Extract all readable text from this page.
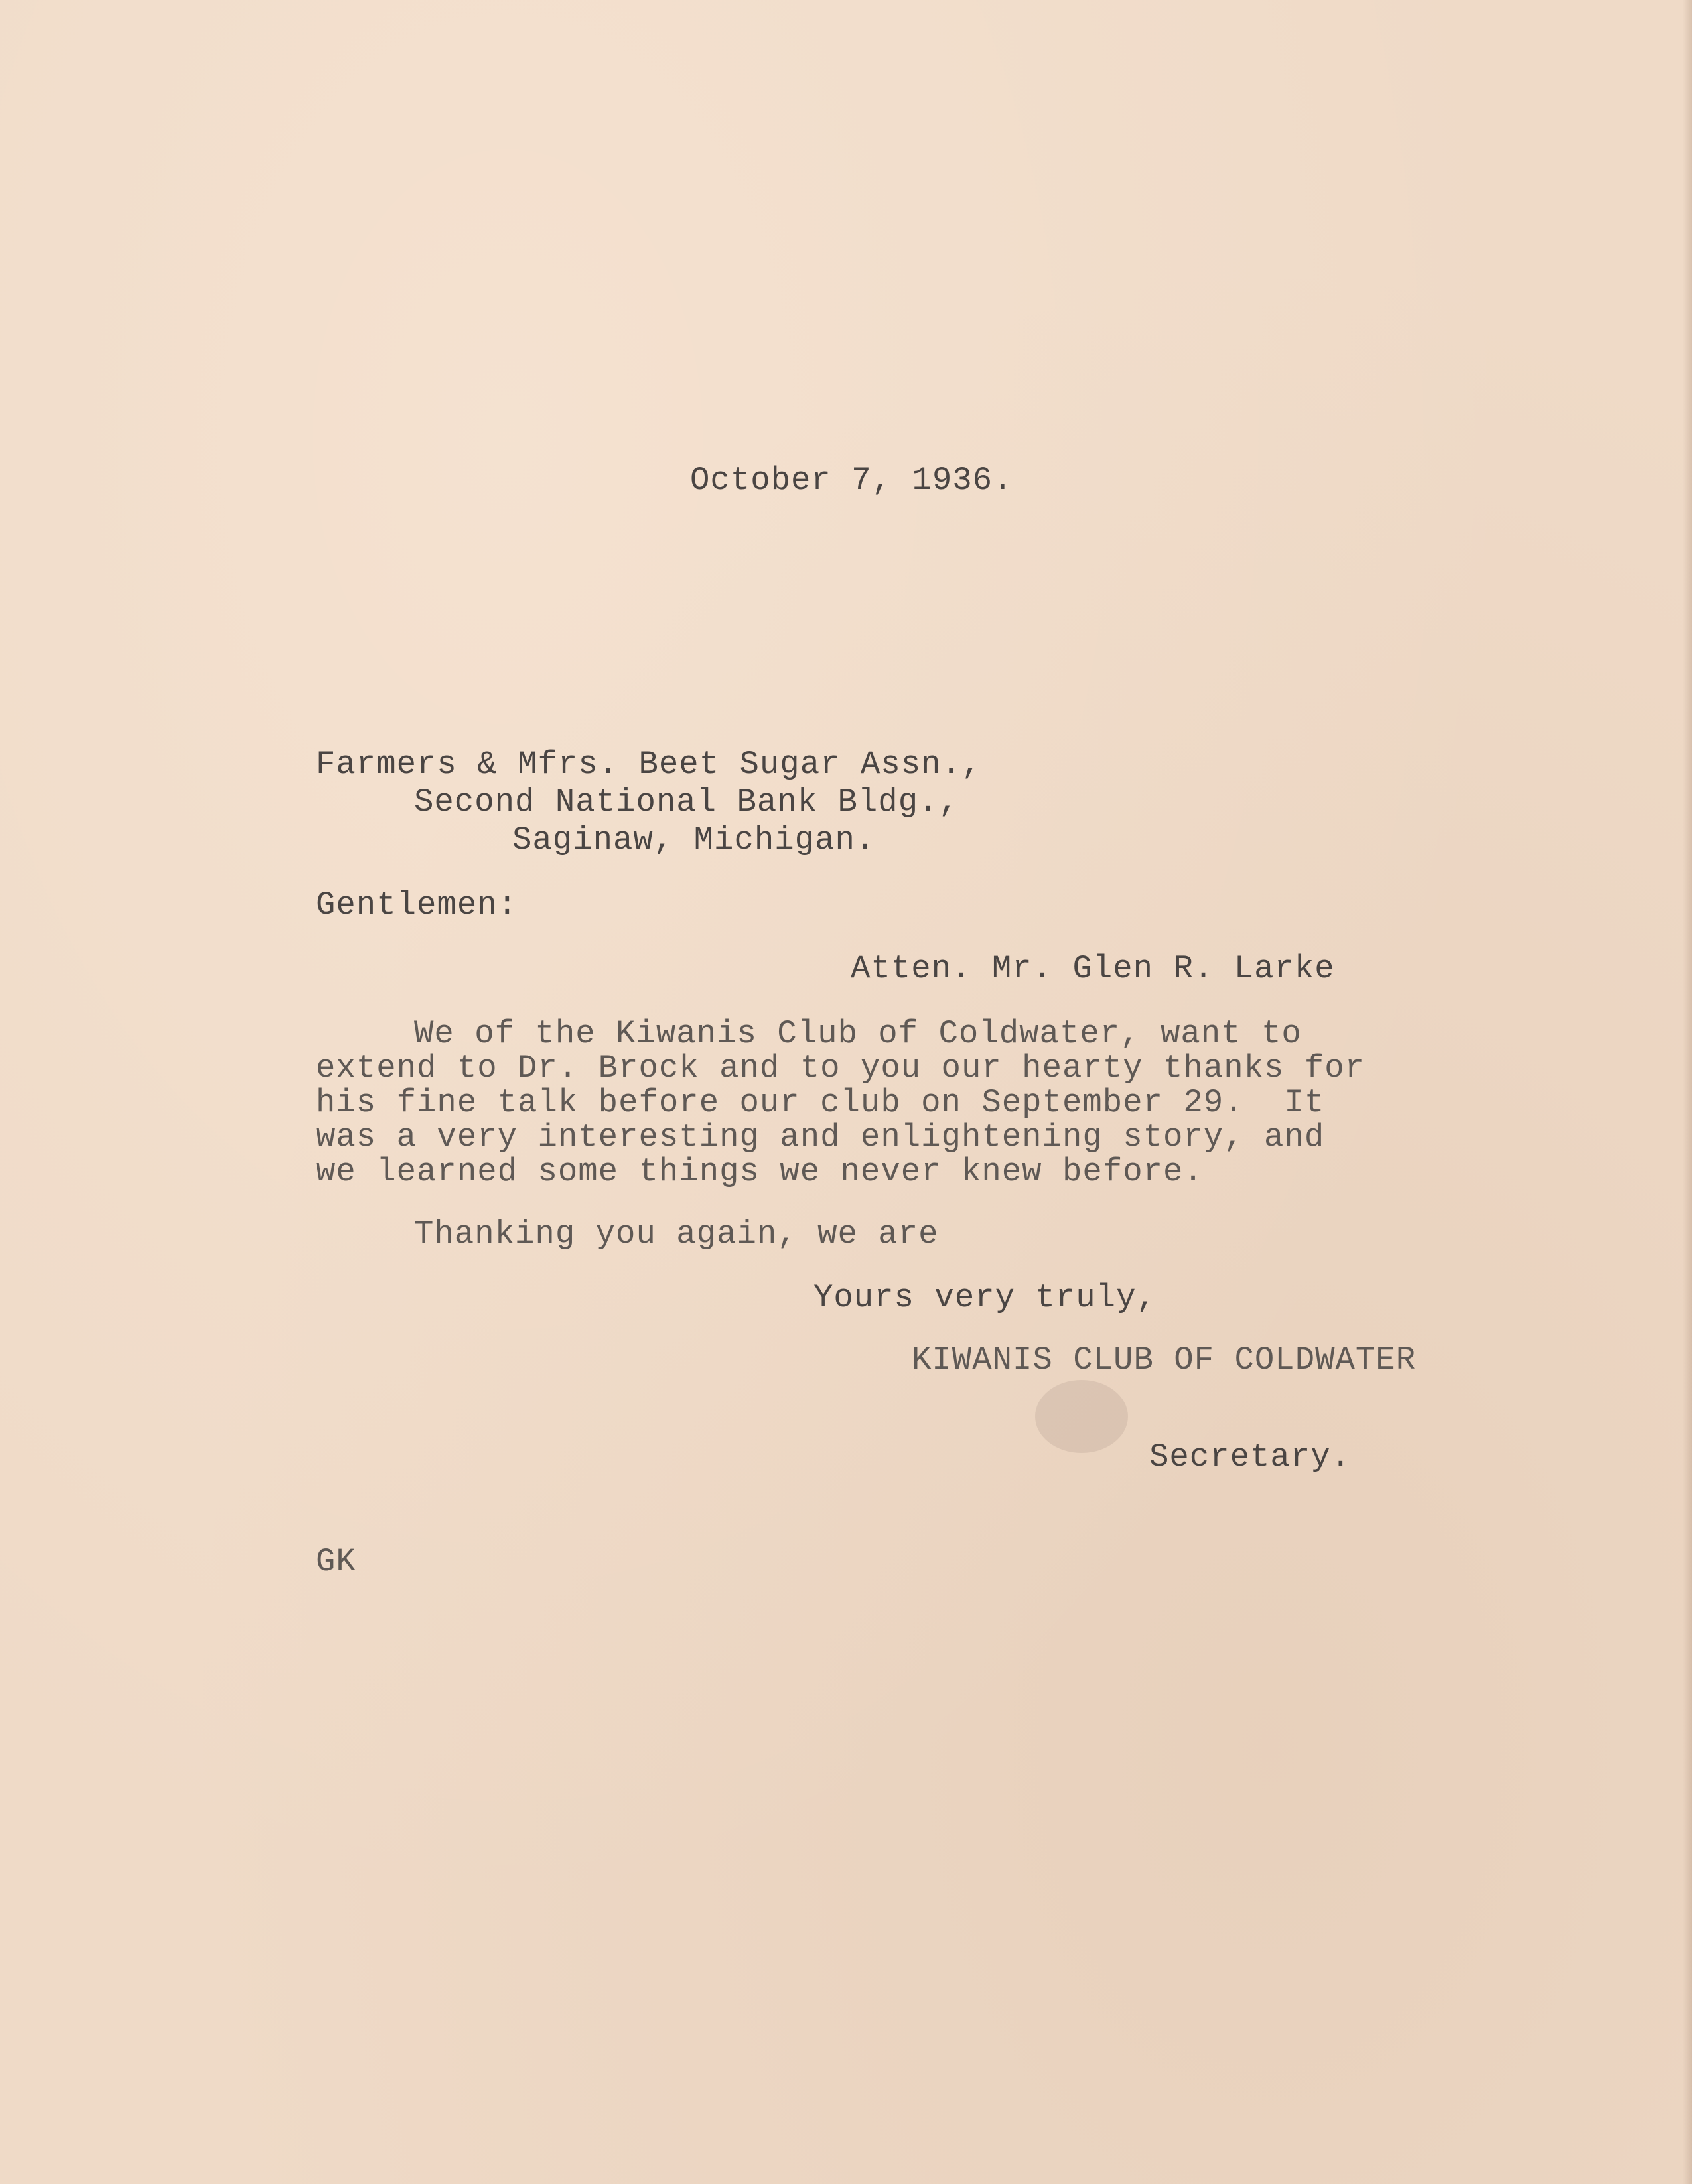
October 7, 1936.

Farmers & Mfrs. Beet Sugar Assn.,

Second National Bank Bldg.,

Saginaw, Michigan.

Gentlemen:

Atten. Mr. Glen R. Larke

We of the Kiwanis Club of Coldwater, want to

extend to Dr. Brock and to you our hearty thanks for

his fine talk before our club on September 29.  It

was a very interesting and enlightening story, and

we learned some things we never knew before.

Thanking you again, we are

Yours very truly,

KIWANIS CLUB OF COLDWATER

Secretary.

GK
